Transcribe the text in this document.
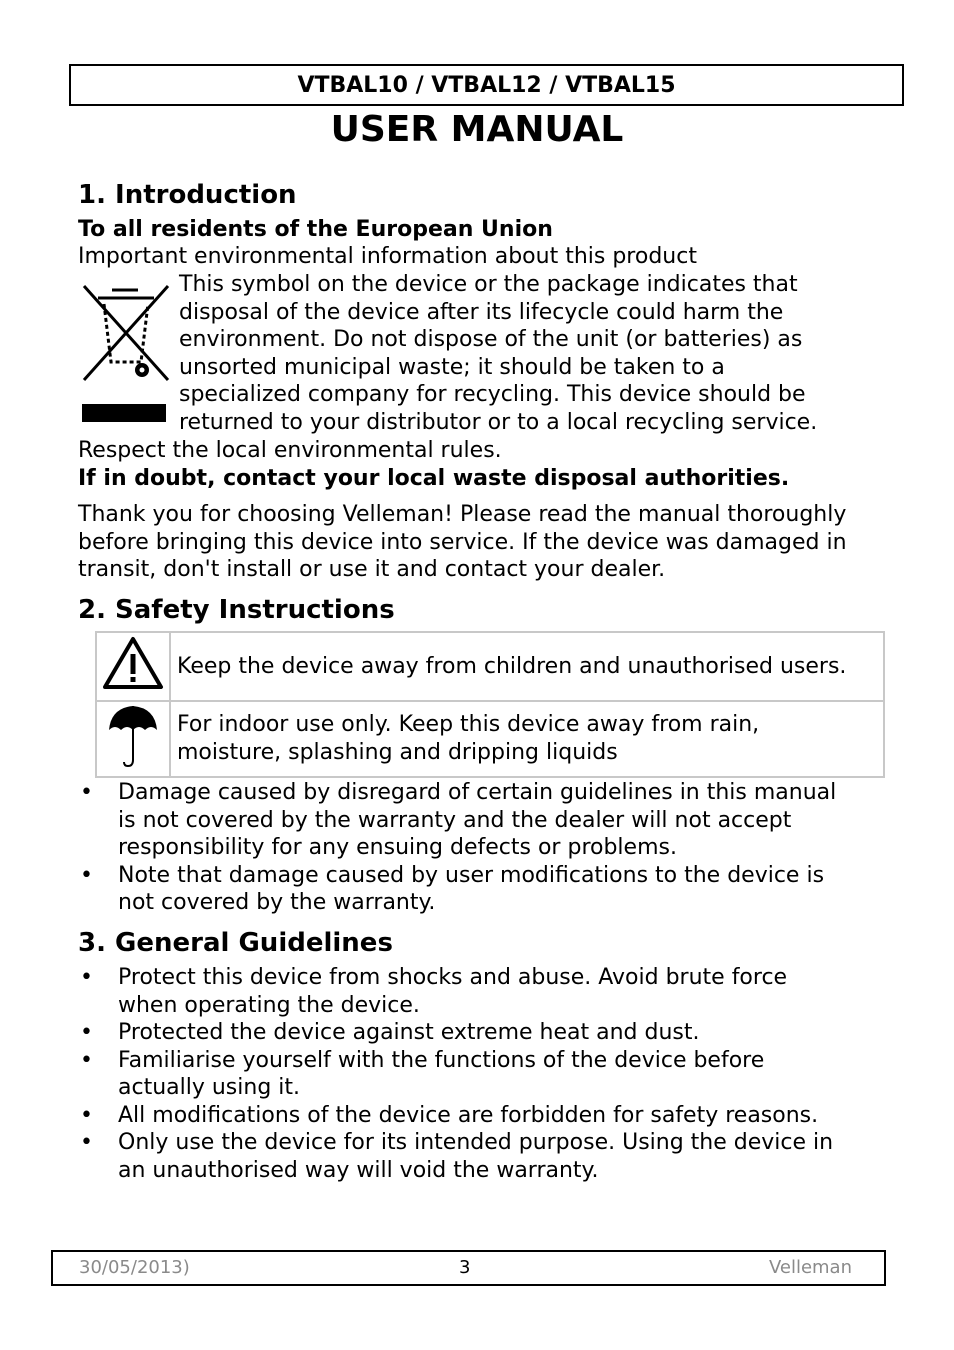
VTBAL10 / VTBAL12 / VTBAL15
USER MANUAL
1. Introduction
To all residents of the European Union
Important environmental information about this product
This symbol on the device or the package indicates that
disposal of the device after its lifecycle could harm the
environment. Do not dispose of the unit (or batteries) as
unsorted municipal waste; it should be taken to a
specialized company for recycling. This device should be
returned to your distributor or to a local recycling service.
Respect the local environmental rules.
If in doubt, contact your local waste disposal authorities.
Thank you for choosing Velleman! Please read the manual thoroughly
before bringing this device into service. If the device was damaged in
transit, don't install or use it and contact your dealer.
2. Safety Instructions
	Keep the device away from children and unauthorised users.

For indoor use only. Keep this device away from rain,
moisture, splashing and dripping liquids
• Damage caused by disregard of certain guidelines in this manual
is not covered by the warranty and the dealer will not accept
responsibility for any ensuing defects or problems.
• Note that damage caused by user modifications to the device is
not covered by the warranty.
3. General Guidelines
• Protect this device from shocks and abuse. Avoid brute force
when operating the device.
• Protected the device against extreme heat and dust.
• Familiarise yourself with the functions of the device before
actually using it.
• All modifications of the device are forbidden for safety reasons.
• Only use the device for its intended purpose. Using the device in
an unauthorised way will void the warranty.
30/05/2013)	3	Velleman
